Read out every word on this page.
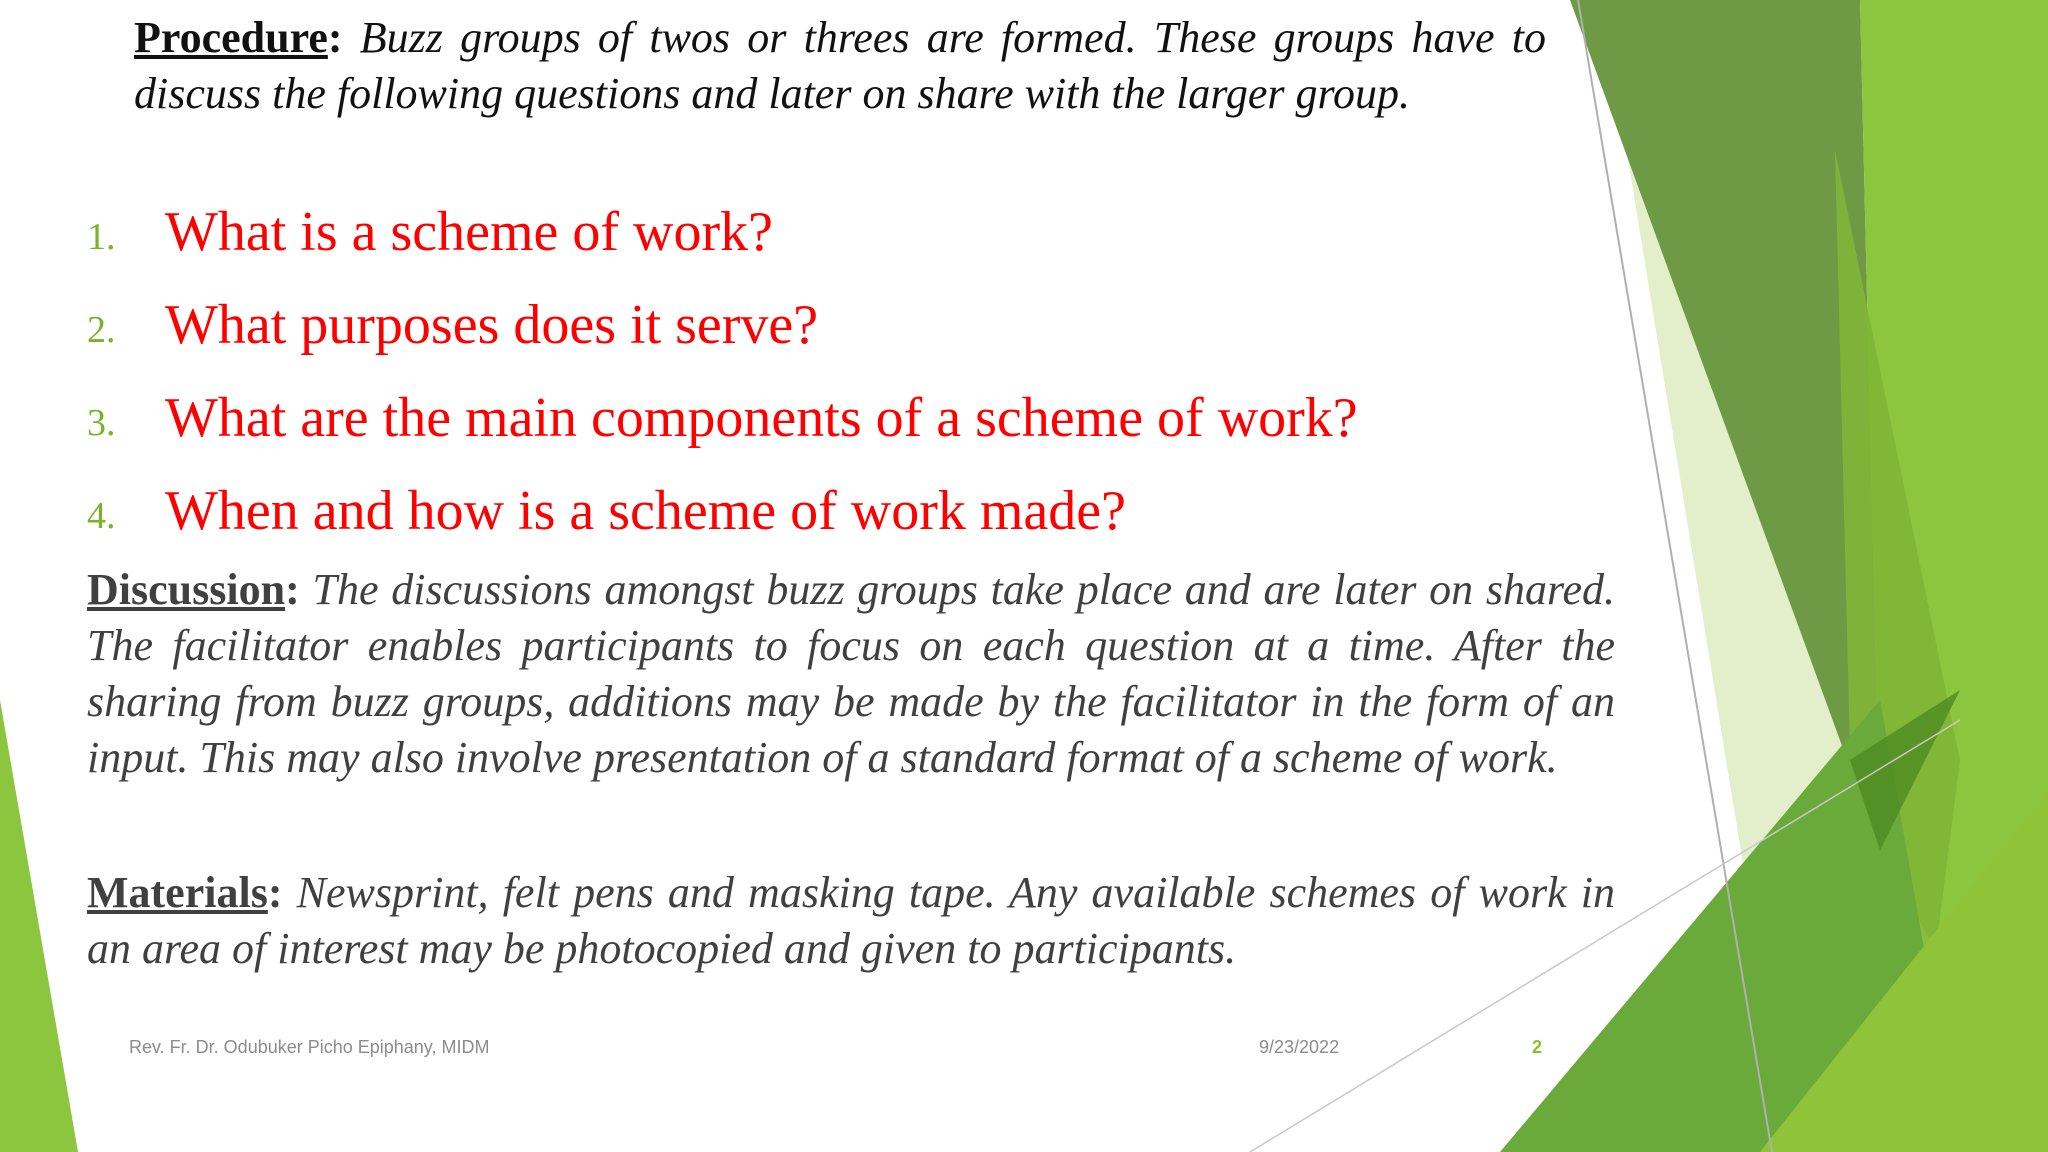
Procedure: Buzz groups of twos or threes are formed. These groups have to discuss the following questions and later on share with the larger group.

1. What is a scheme of work?
2. What purposes does it serve?
3. What are the main components of a scheme of work?
4. When and how is a scheme of work made?

Discussion: The discussions amongst buzz groups take place and are later on shared. The facilitator enables participants to focus on each question at a time. After the sharing from buzz groups, additions may be made by the facilitator in the form of an input. This may also involve presentation of a standard format of a scheme of work.

Materials: Newsprint, felt pens and masking tape. Any available schemes of work in an area of interest may be photocopied and given to participants.

Rev. Fr. Dr. Odubuker Picho Epiphany, MIDM	9/23/2022	2
